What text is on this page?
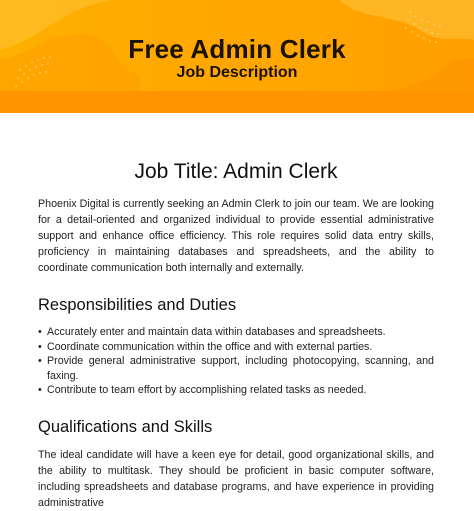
Free Admin Clerk
Job Description
Job Title: Admin Clerk

Phoenix Digital is currently seeking an Admin Clerk to join our team. We are looking for a detail-oriented and organized individual to provide essential administrative support and enhance office efficiency. This role requires solid data entry skills, proficiency in maintaining databases and spreadsheets, and the ability to coordinate communication both internally and externally.

Responsibilities and Duties
• Accurately enter and maintain data within databases and spreadsheets.
• Coordinate communication within the office and with external parties.
• Provide general administrative support, including photocopying, scanning, and faxing.
• Contribute to team effort by accomplishing related tasks as needed.
Qualifications and Skills

The ideal candidate will have a keen eye for detail, good organizational skills, and the ability to multitask. They should be proficient in basic computer software, including spreadsheets and database programs, and have experience in providing administrative
